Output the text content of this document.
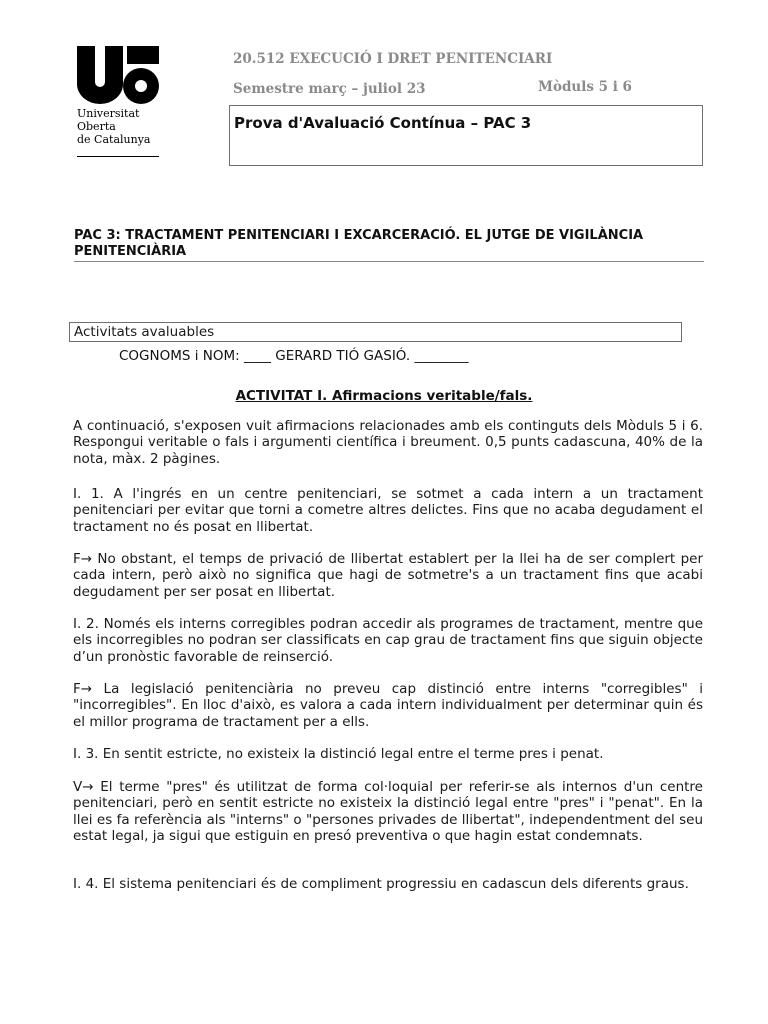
Universitat
Oberta
de Catalunya
20.512 EXECUCIÓ I DRET PENITENCIARI
Semestre març – juliol 23	Mòduls 5 i 6
Prova d'Avaluació Contínua – PAC 3
PAC 3: TRACTAMENT PENITENCIARI I EXCARCERACIÓ. EL JUTGE DE VIGILÀNCIA PENITENCIÀRIA
Activitats avaluables
COGNOMS i NOM: ____ GERARD TIÓ GASIÓ. ________
ACTIVITAT I. Afirmacions veritable/fals.
A continuació, s'exposen vuit afirmacions relacionades amb els continguts dels Mòduls 5 i 6. Respongui veritable o fals i argumenti científica i breument. 0,5 punts cadascuna, 40% de la nota, màx. 2 pàgines.
I. 1. A l'ingrés en un centre penitenciari, se sotmet a cada intern a un tractament penitenciari per evitar que torni a cometre altres delictes. Fins que no acaba degudament el tractament no és posat en llibertat.
F→ No obstant, el temps de privació de llibertat establert per la llei ha de ser complert per cada intern, però això no significa que hagi de sotmetre's a un tractament fins que acabi degudament per ser posat en llibertat.
I. 2. Només els interns corregibles podran accedir als programes de tractament, mentre que els incorregibles no podran ser classificats en cap grau de tractament fins que siguin objecte d’un pronòstic favorable de reinserció.
F→ La legislació penitenciària no preveu cap distinció entre interns "corregibles" i "incorregibles". En lloc d'això, es valora a cada intern individualment per determinar quin és el millor programa de tractament per a ells.
I. 3. En sentit estricte, no existeix la distinció legal entre el terme pres i penat.
V→ El terme "pres" és utilitzat de forma col·loquial per referir-se als internos d'un centre penitenciari, però en sentit estricte no existeix la distinció legal entre "pres" i "penat". En la llei es fa referència als "interns" o "persones privades de llibertat", independentment del seu estat legal, ja sigui que estiguin en presó preventiva o que hagin estat condemnats.
I. 4. El sistema penitenciari és de compliment progressiu en cadascun dels diferents graus.
